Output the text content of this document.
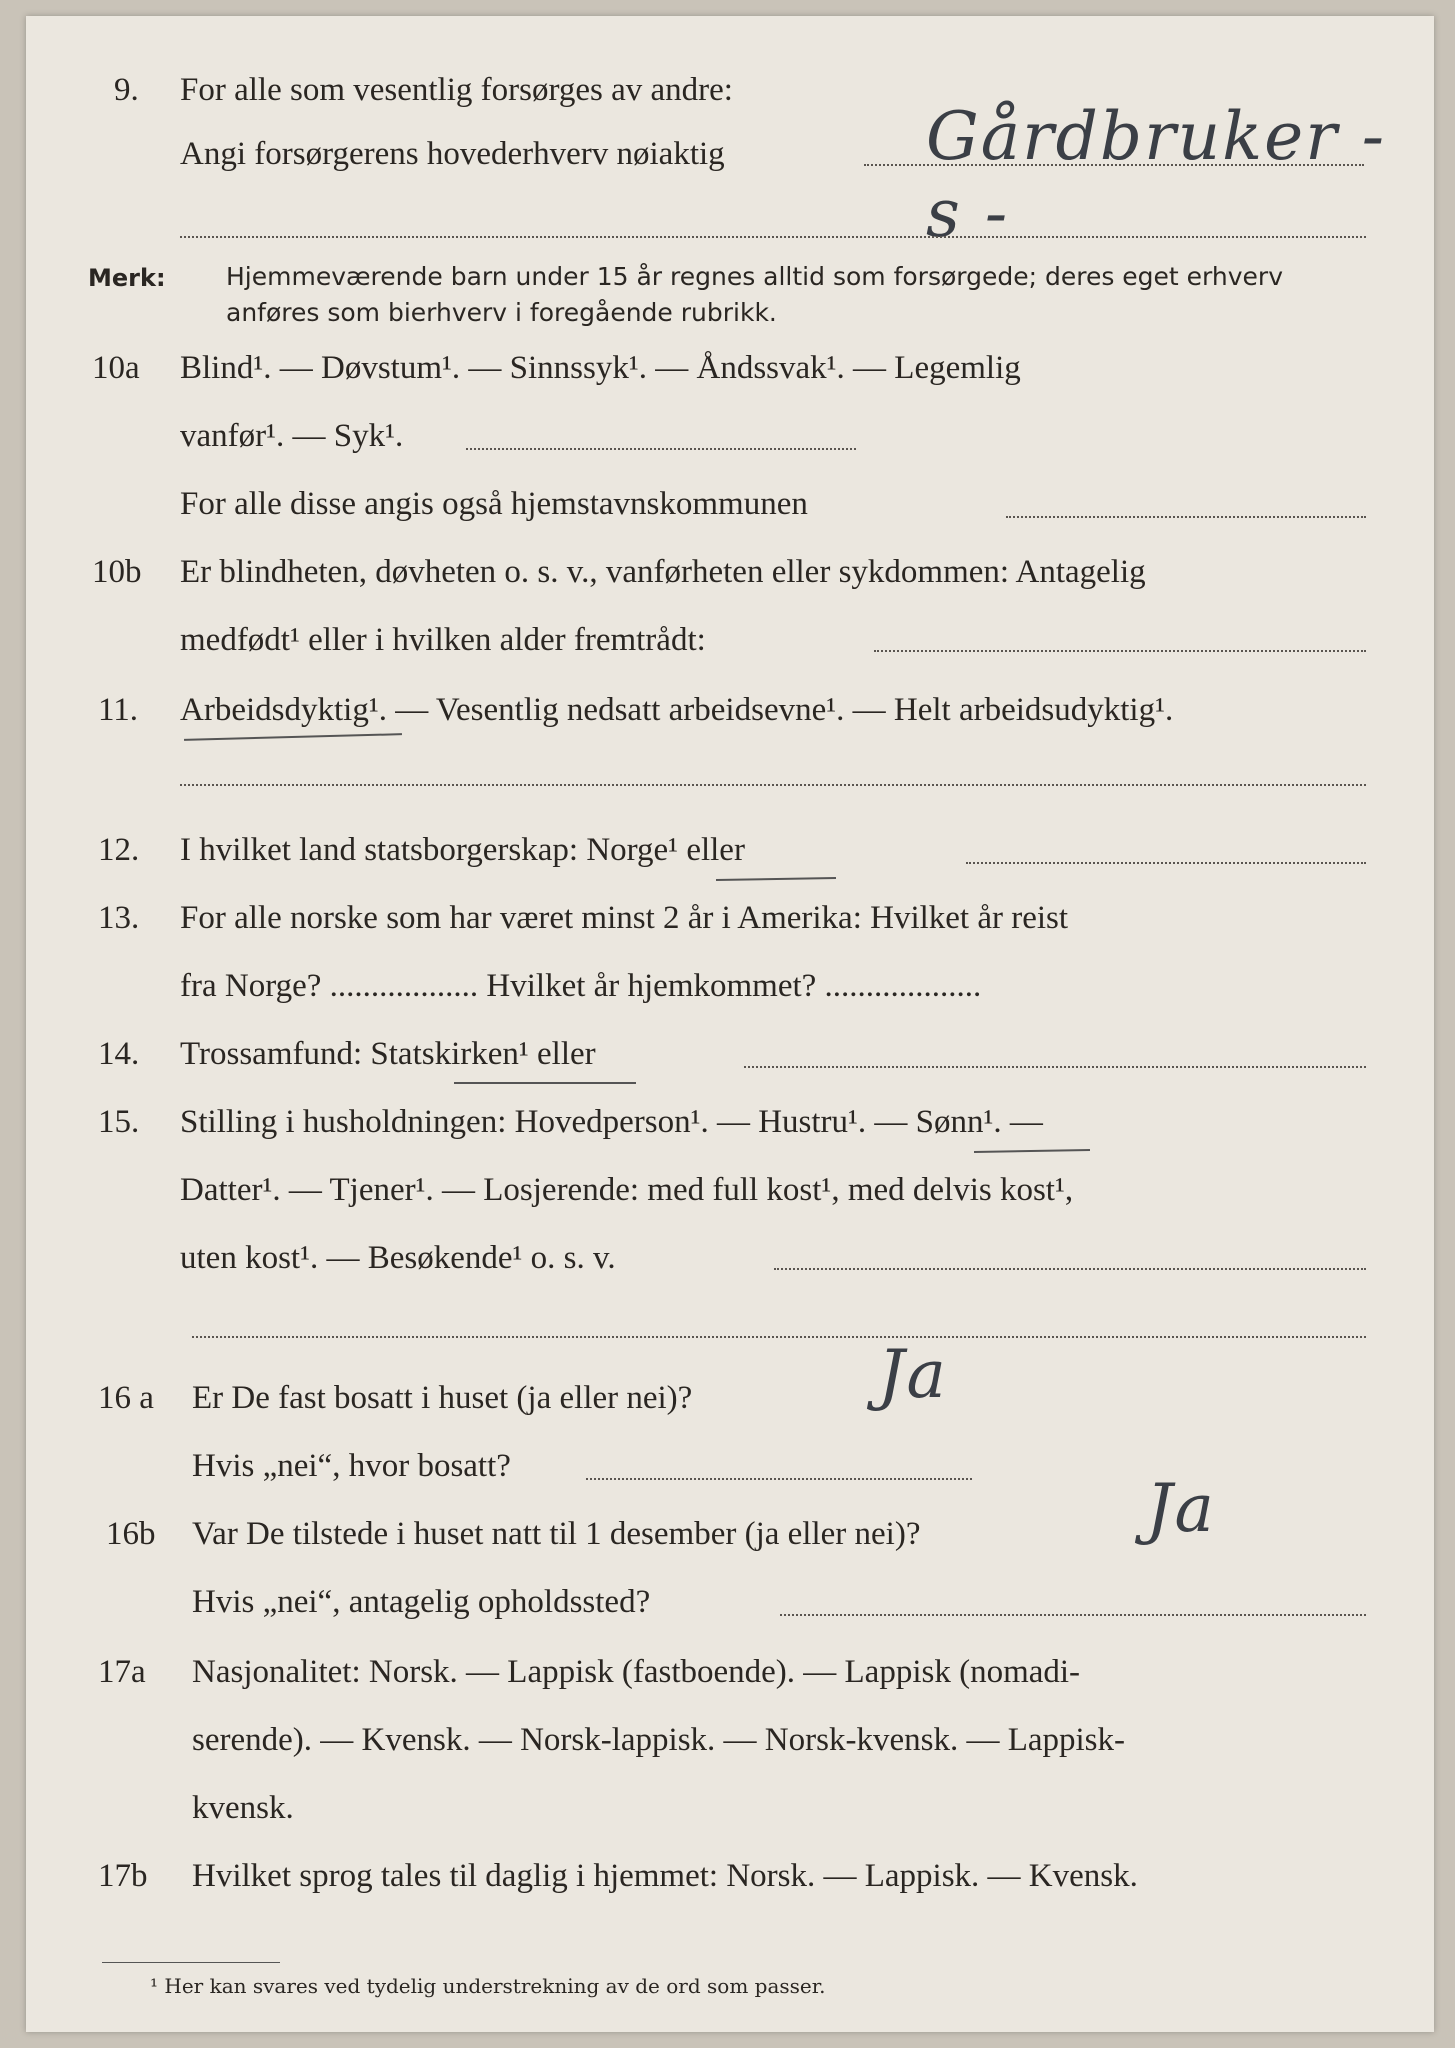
9. For alle som vesentlig forsørges av andre:
Angi forsørgerens hovederhverv nøiaktig	Gårdbruker - s -
Merk: Hjemmeværende barn under 15 år regnes alltid som forsørgede; deres eget erhverv
anføres som bierhverv i foregående rubrikk.
10a Blind¹. — Døvstum¹. — Sinnssyk¹. — Åndssvak¹. — Legemlig
vanfør¹. — Syk¹.
For alle disse angis også hjemstavnskommunen
10b Er blindheten, døvheten o. s. v., vanførheten eller sykdommen: Antagelig
medfødt¹ eller i hvilken alder fremtrådt:
11. Arbeidsdyktig¹. — Vesentlig nedsatt arbeidsevne¹. — Helt arbeidsudyktig¹.
12. I hvilket land statsborgerskap: Norge¹ eller
13. For alle norske som har været minst 2 år i Amerika: Hvilket år reist
fra Norge? .................. Hvilket år hjemkommet? ...................
14. Trossamfund: Statskirken¹ eller
15. Stilling i husholdningen: Hovedperson¹. — Hustru¹. — Sønn¹. —
Datter¹. — Tjener¹. — Losjerende: med full kost¹, med delvis kost¹,
uten kost¹. — Besøkende¹ o. s. v.
16 a Er De fast bosatt i huset (ja eller nei)?	Ja
Hvis „nei“, hvor bosatt?
16b Var De tilstede i huset natt til 1 desember (ja eller nei)?	Ja
Hvis „nei“, antagelig opholdssted?
17a Nasjonalitet: Norsk. — Lappisk (fastboende). — Lappisk (nomadi-
serende). — Kvensk. — Norsk-lappisk. — Norsk-kvensk. — Lappisk-
kvensk.
17b Hvilket sprog tales til daglig i hjemmet: Norsk. — Lappisk. — Kvensk.
¹ Her kan svares ved tydelig understrekning av de ord som passer.
